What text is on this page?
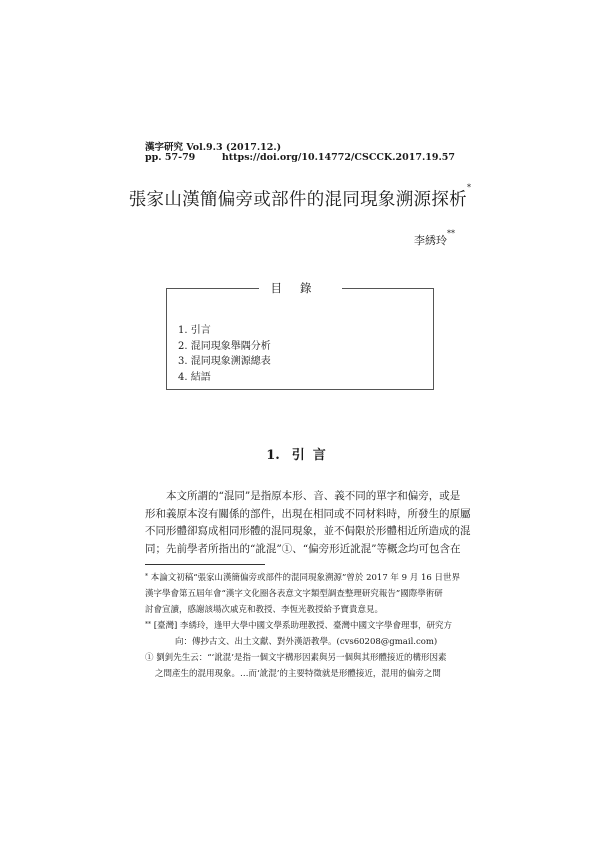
漢字研究 Vol.9.3 (2017.12.)
pp. 57-79	https://doi.org/10.14772/CSCCK.2017.19.57
張家山漢簡偏旁或部件的混同現象溯源探析*
李綉玲**
目錄
1. 引言
2. 混同現象舉隅分析
3. 混同現象溯源總表
4. 結語
1. 引言

本文所謂的“混同”是指原本形、音、義不同的單字和偏旁，或是

形和義原本沒有關係的部件，出現在相同或不同材料時，所發生的原屬

不同形體卻寫成相同形體的混同現象，並不侷限於形體相近所造成的混

同；先前學者所指出的“訛混”①、“偏旁形近訛混”等概念均可包含在

* 本論文初稿“張家山漢簡偏旁或部件的混同現象溯源”曾於 2017 年 9 月 16 日世界

漢字學會第五屆年會“漢字文化圈各表意文字類型調查整理研究報告”國際學術研

討會宣讀，感謝該場次戚克和教授、李恆光教授給予寶貴意見。

** [臺灣] 李綉玲，逢甲大學中國文學系助理教授、臺灣中國文字學會理事，研究方

向：傳抄古文、出土文獻、對外漢語教學。(cvs60208@gmail.com)

① 劉釗先生云：“‘訛混’是指一個文字構形因素與另一個與其形體接近的構形因素

之間產生的混用現象。…而‘訛混’的主要特徵就是形體接近，混用的偏旁之間
